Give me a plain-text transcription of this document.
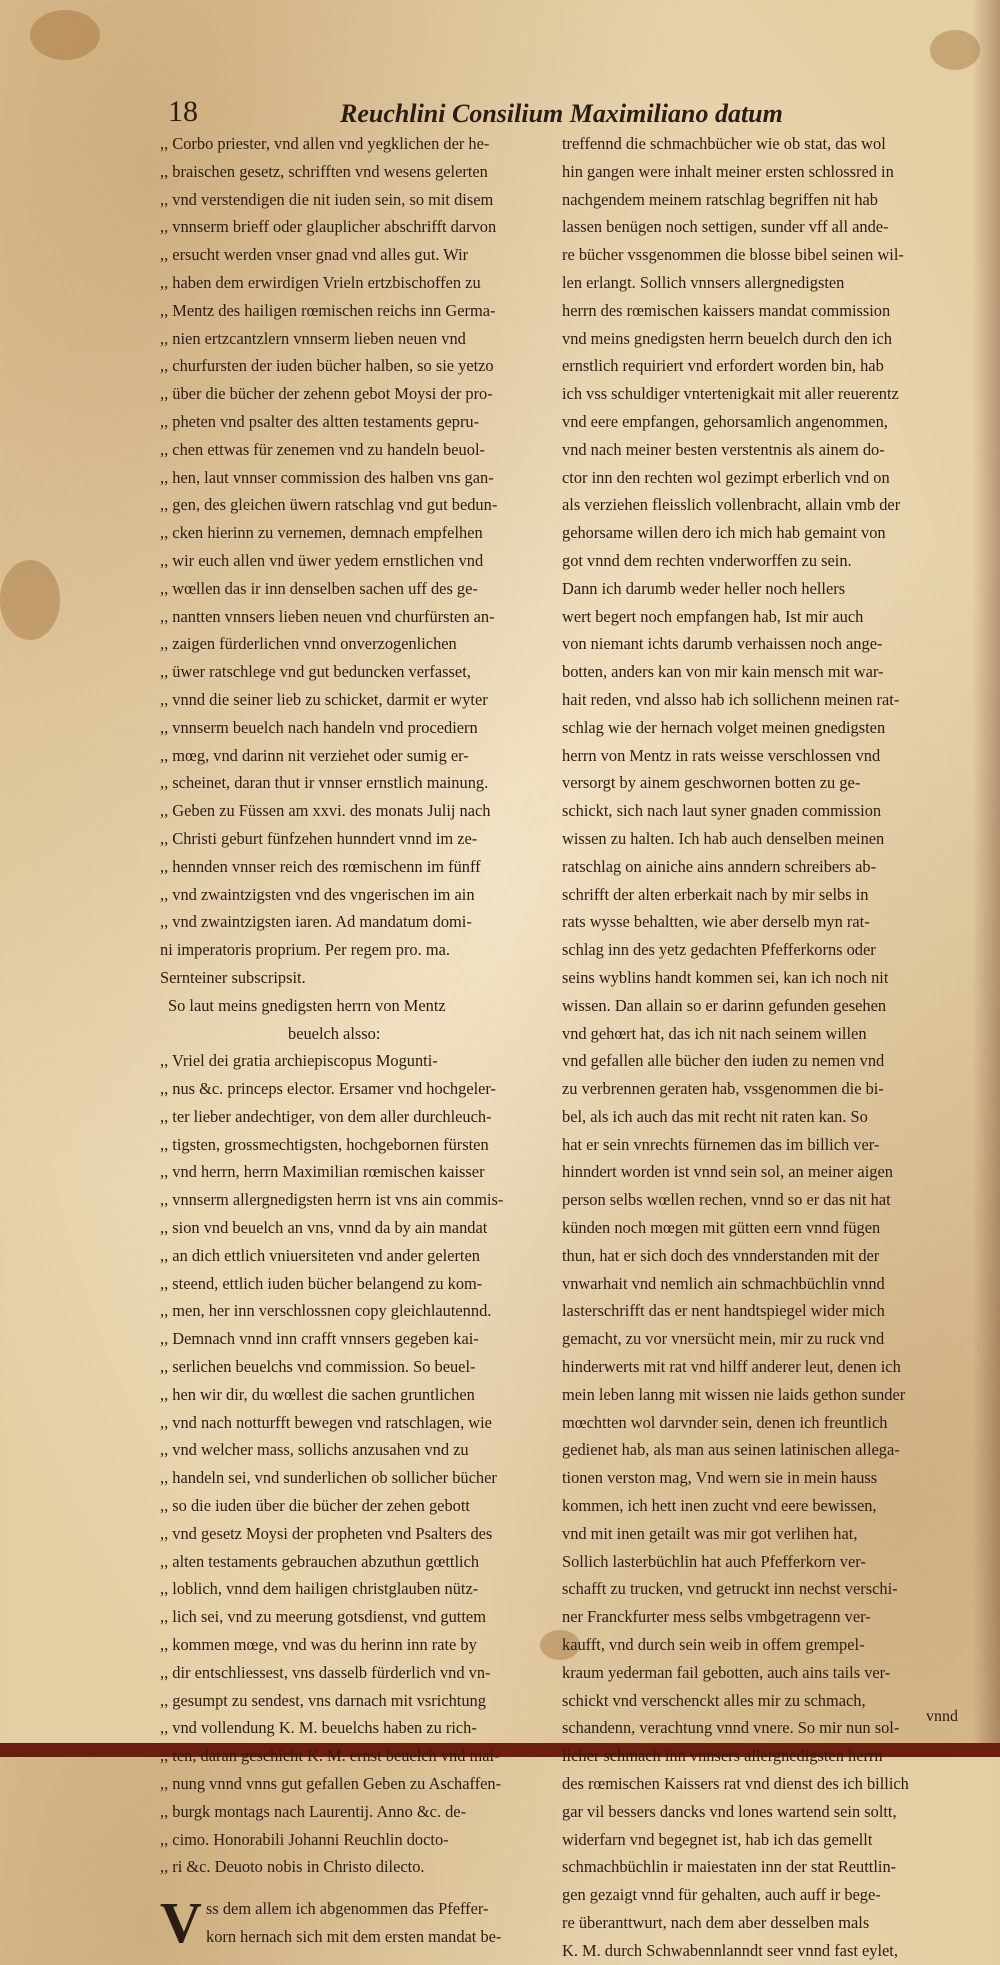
18	Reuchlini Consilium Maximiliano datum
,, Corbo priester, vnd allen vnd yegklichen der he-
,, braischen gesetz, schrifften vnd wesens gelerten
,, vnd verstendigen die nit iuden sein, so mit disem
,, vnnserm brieff oder glauplicher abschrifft darvon
,, ersucht werden vnser gnad vnd alles gut. Wir
,, haben dem erwirdigen Vrieln ertzbischoffen zu
,, Mentz des hailigen rœmischen reichs inn Germa-
,, nien ertzcantzlern vnnserm lieben neuen vnd
,, churfursten der iuden bücher halben, so sie yetzo
,, über die bücher der zehenn gebot Moysi der pro-
,, pheten vnd psalter des altten testaments gepru-
,, chen ettwas für zenemen vnd zu handeln beuol-
,, hen, laut vnnser commission des halben vns gan-
,, gen, des gleichen üwern ratschlag vnd gut bedun-
,, cken hierinn zu vernemen, demnach empfelhen
,, wir euch allen vnd üwer yedem ernstlichen vnd
,, wœllen das ir inn denselben sachen uff des ge-
,, nantten vnnsers lieben neuen vnd churfürsten an-
,, zaigen fürderlichen vnnd onverzogenlichen
,, üwer ratschlege vnd gut beduncken verfasset,
,, vnnd die seiner lieb zu schicket, darmit er wyter
,, vnnserm beuelch nach handeln vnd procediern
,, mœg, vnd darinn nit verziehet oder sumig er-
,, scheinet, daran thut ir vnnser ernstlich mainung.
,, Geben zu Füssen am xxvi. des monats Julij nach
,, Christi geburt fünfzehen hunndert vnnd im ze-
,, hennden vnnser reich des rœmischenn im fünff
,, vnd zwaintzigsten vnd des vngerischen im ain
,, vnd zwaintzigsten iaren. Ad mandatum domi-
ni imperatoris proprium. Per regem pro. ma.
Sernteiner subscripsit.
So laut meins gnedigsten herrn von Mentz
beuelch alsso:
,, Vriel dei gratia archiepiscopus Mogunti-
,, nus &c. princeps elector. Ersamer vnd hochgeler-
,, ter lieber andechtiger, von dem aller durchleuch-
,, tigsten, grossmechtigsten, hochgebornen fürsten
,, vnd herrn, herrn Maximilian rœmischen kaisser
,, vnnserm allergnedigsten herrn ist vns ain commis-
,, sion vnd beuelch an vns, vnnd da by ain mandat
,, an dich ettlich vniuersiteten vnd ander gelerten
,, steend, ettlich iuden bücher belangend zu kom-
,, men, her inn verschlossnen copy gleichlautennd.
,, Demnach vnnd inn crafft vnnsers gegeben kai-
,, serlichen beuelchs vnd commission. So beuel-
,, hen wir dir, du wœllest die sachen gruntlichen
,, vnd nach notturfft bewegen vnd ratschlagen, wie
,, vnd welcher mass, sollichs anzusahen vnd zu
,, handeln sei, vnd sunderlichen ob sollicher bücher
,, so die iuden über die bücher der zehen gebott
,, vnd gesetz Moysi der propheten vnd Psalters des
,, alten testaments gebrauchen abzuthun gœttlich
,, loblich, vnnd dem hailigen christglauben nütz-
,, lich sei, vnd zu meerung gotsdienst, vnd guttem
,, kommen mœge, vnd was du herinn inn rate by
,, dir entschliessest, vns dasselb fürderlich vnd vn-
,, gesumpt zu sendest, vns darnach mit vsrichtung
,, vnd vollendung K. M. beuelchs haben zu rich-
,, ten, daran geschicht K. M. ernst beuelch vnd mai-
,, nung vnnd vnns gut gefallen Geben zu Aschaffen-
,, burgk montags nach Laurentij. Anno &c. de-
,, cimo. Honorabili Johanni Reuchlin docto-
,, ri &c. Deuoto nobis in Christo dilecto.
V ss dem allem ich abgenommen das Pfeffer-
korn hernach sich mit dem ersten mandat be-
treffennd die schmachbücher wie ob stat, das wol
hin gangen were inhalt meiner ersten schlossred in
nachgendem meinem ratschlag begriffen nit hab
lassen benügen noch settigen, sunder vff all ande-
re bücher vssgenommen die blosse bibel seinen wil-
len erlangt. Sollich vnnsers allergnedigsten
herrn des rœmischen kaissers mandat commission
vnd meins gnedigsten herrn beuelch durch den ich
ernstlich requiriert vnd erfordert worden bin, hab
ich vss schuldiger vntertenigkait mit aller reuerentz
vnd eere empfangen, gehorsamlich angenommen,
vnd nach meiner besten verstentnis als ainem do-
ctor inn den rechten wol gezimpt erberlich vnd on
als verziehen fleisslich vollenbracht, allain vmb der
gehorsame willen dero ich mich hab gemaint von
got vnnd dem rechten vnderworffen zu sein.
Dann ich darumb weder heller noch hellers
wert begert noch empfangen hab, Ist mir auch
von niemant ichts darumb verhaissen noch ange-
botten, anders kan von mir kain mensch mit war-
hait reden, vnd alsso hab ich sollichenn meinen rat-
schlag wie der hernach volget meinen gnedigsten
herrn von Mentz in rats weisse verschlossen vnd
versorgt by ainem geschwornen botten zu ge-
schickt, sich nach laut syner gnaden commission
wissen zu halten. Ich hab auch denselben meinen
ratschlag on ainiche ains anndern schreibers ab-
schrifft der alten erberkait nach by mir selbs in
rats wysse behaltten, wie aber derselb myn rat-
schlag inn des yetz gedachten Pfefferkorns oder
seins wyblins handt kommen sei, kan ich noch nit
wissen. Dan allain so er darinn gefunden gesehen
vnd gehœrt hat, das ich nit nach seinem willen
vnd gefallen alle bücher den iuden zu nemen vnd
zu verbrennen geraten hab, vssgenommen die bi-
bel, als ich auch das mit recht nit raten kan. So
hat er sein vnrechts fürnemen das im billich ver-
hinndert worden ist vnnd sein sol, an meiner aigen
person selbs wœllen rechen, vnnd so er das nit hat
künden noch mœgen mit gütten eern vnnd fügen
thun, hat er sich doch des vnnderstanden mit der
vnwarhait vnd nemlich ain schmachbüchlin vnnd
lasterschrifft das er nent handtspiegel wider mich
gemacht, zu vor vnersücht mein, mir zu ruck vnd
hinderwerts mit rat vnd hilff anderer leut, denen ich
mein leben lanng mit wissen nie laids gethon sunder
mœchtten wol darvnder sein, denen ich freuntlich
gedienet hab, als man aus seinen latinischen allega-
tionen verston mag, Vnd wern sie in mein hauss
kommen, ich hett inen zucht vnd eere bewissen,
vnd mit inen getailt was mir got verlihen hat,
Sollich lasterbüchlin hat auch Pfefferkorn ver-
schafft zu trucken, vnd getruckt inn nechst verschi-
ner Franckfurter mess selbs vmbgetragenn ver-
kaufft, vnd durch sein weib in offem grempel-
kraum yederman fail gebotten, auch ains tails ver-
schickt vnd verschenckt alles mir zu schmach,
schandenn, verachtung vnnd vnere. So mir nun sol-
licher schmach inn vnnsers allergnedigsten herrn
des rœmischen Kaissers rat vnd dienst des ich billich
gar vil bessers dancks vnd lones wartend sein soltt,
widerfarn vnd begegnet ist, hab ich das gemellt
schmachbüchlin ir maiestaten inn der stat Reuttlin-
gen gezaigt vnnd für gehalten, auch auff ir bege-
re überanttwurt, nach dem aber desselben mals
K. M. durch Schwabennlanndt seer vnnd fast eylet,
vnnd
